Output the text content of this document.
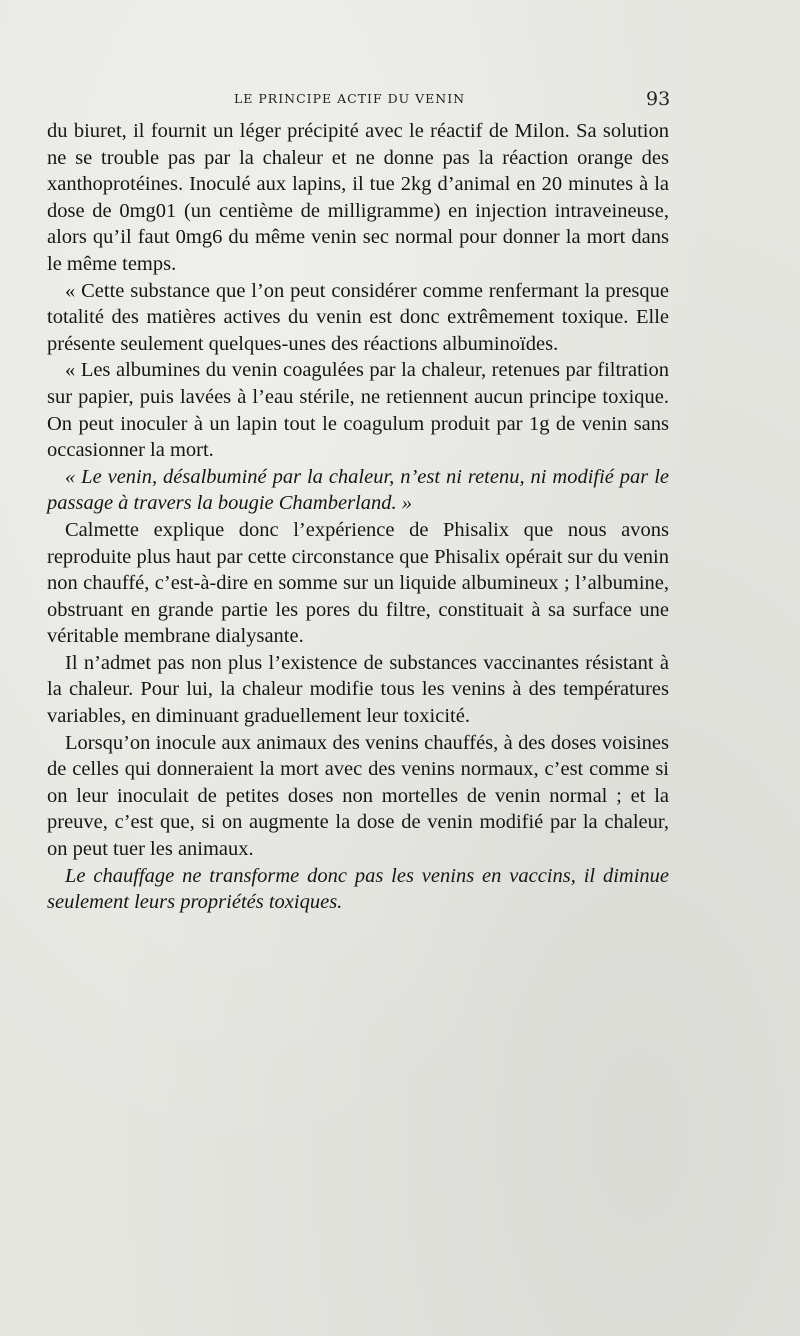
LE PRINCIPE ACTIF DU VENIN	93

du biuret, il fournit un léger précipité avec le réactif de Milon. Sa solution ne se trouble pas par la chaleur et ne donne pas la réaction orange des xanthoprotéines. Inoculé aux lapins, il tue 2kg d’animal en 20 minutes à la dose de 0mg01 (un centième de milligramme) en injection intraveineuse, alors qu’il faut 0mg6 du même venin sec normal pour donner la mort dans le même temps.

« Cette substance que l’on peut considérer comme renfermant la presque totalité des matières actives du venin est donc extrêmement toxique. Elle présente seulement quelques-unes des réactions albuminoïdes.

« Les albumines du venin coagulées par la chaleur, retenues par filtration sur papier, puis lavées à l’eau stérile, ne retiennent aucun principe toxique. On peut inoculer à un lapin tout le coagulum produit par 1g de venin sans occasionner la mort.

« Le venin, désalbuminé par la chaleur, n’est ni retenu, ni modifié par le passage à travers la bougie Chamberland. »

Calmette explique donc l’expérience de Phisalix que nous avons reproduite plus haut par cette circonstance que Phisalix opérait sur du venin non chauffé, c’est-à-dire en somme sur un liquide albumineux ; l’albumine, obstruant en grande partie les pores du filtre, constituait à sa surface une véritable membrane dialysante.

Il n’admet pas non plus l’existence de substances vaccinantes résistant à la chaleur. Pour lui, la chaleur modifie tous les venins à des températures variables, en diminuant graduellement leur toxicité.

Lorsqu’on inocule aux animaux des venins chauffés, à des doses voisines de celles qui donneraient la mort avec des venins normaux, c’est comme si on leur inoculait de petites doses non mortelles de venin normal ; et la preuve, c’est que, si on augmente la dose de venin modifié par la chaleur, on peut tuer les animaux.

Le chauffage ne transforme donc pas les venins en vaccins, il diminue seulement leurs propriétés toxiques.
